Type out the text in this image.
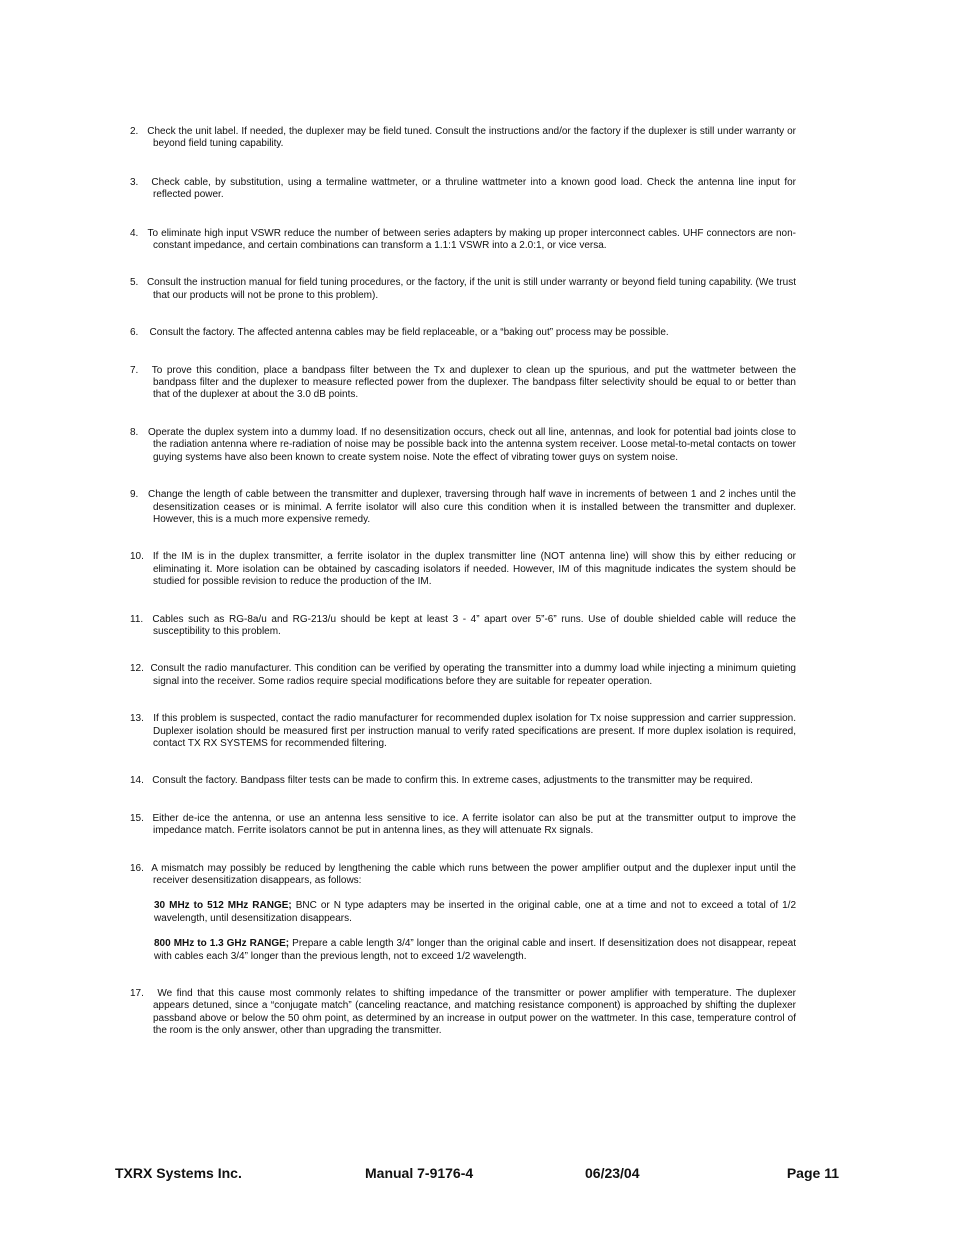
2. Check the unit label. If needed, the duplexer may be field tuned. Consult the instructions and/or the factory if the duplexer is still under warranty or beyond field tuning capability.

3. Check cable, by substitution, using a termaline wattmeter, or a thruline wattmeter into a known good load. Check the antenna line input for reflected power.

4. To eliminate high input VSWR reduce the number of between series adapters by making up proper interconnect cables. UHF connectors are non-constant impedance, and certain combinations can transform a 1.1:1 VSWR into a 2.0:1, or vice versa.

5. Consult the instruction manual for field tuning procedures, or the factory, if the unit is still under warranty or beyond field tuning capability. (We trust that our products will not be prone to this problem).

6. Consult the factory. The affected antenna cables may be field replaceable, or a “baking out” process may be possible.

7. To prove this condition, place a bandpass filter between the Tx and duplexer to clean up the spurious, and put the wattmeter between the bandpass filter and the duplexer to measure reflected power from the duplexer. The bandpass filter selectivity should be equal to or better than that of the duplexer at about the 3.0 dB points.

8. Operate the duplex system into a dummy load. If no desensitization occurs, check out all line, antennas, and look for potential bad joints close to the radiation antenna where re-radiation of noise may be possible back into the antenna system receiver. Loose metal-to-metal contacts on tower guying systems have also been known to create system noise. Note the effect of vibrating tower guys on system noise.

9. Change the length of cable between the transmitter and duplexer, traversing through half wave in increments of between 1 and 2 inches until the desensitization ceases or is minimal. A ferrite isolator will also cure this condition when it is installed between the transmitter and duplexer. However, this is a much more expensive remedy.

10. If the IM is in the duplex transmitter, a ferrite isolator in the duplex transmitter line (NOT antenna line) will show this by either reducing or eliminating it. More isolation can be obtained by cascading isolators if needed. However, IM of this magnitude indicates the system should be studied for possible revision to reduce the production of the IM.

11. Cables such as RG-8a/u and RG-213/u should be kept at least 3 - 4” apart over 5”-6” runs. Use of double shielded cable will reduce the susceptibility to this problem.

12. Consult the radio manufacturer. This condition can be verified by operating the transmitter into a dummy load while injecting a minimum quieting signal into the receiver. Some radios require special modifications before they are suitable for repeater operation.

13. If this problem is suspected, contact the radio manufacturer for recommended duplex isolation for Tx noise suppression and carrier suppression. Duplexer isolation should be measured first per instruction manual to verify rated specifications are present. If more duplex isolation is required, contact TX RX SYSTEMS for recommended filtering.

14. Consult the factory. Bandpass filter tests can be made to confirm this. In extreme cases, adjustments to the transmitter may be required.

15. Either de-ice the antenna, or use an antenna less sensitive to ice. A ferrite isolator can also be put at the transmitter output to improve the impedance match. Ferrite isolators cannot be put in antenna lines, as they will attenuate Rx signals.

16. A mismatch may possibly be reduced by lengthening the cable which runs between the power amplifier output and the duplexer input until the receiver desensitization disappears, as follows:

30 MHz to 512 MHz RANGE; BNC or N type adapters may be inserted in the original cable, one at a time and not to exceed a total of 1/2 wavelength, until desensitization disappears.

800 MHz to 1.3 GHz RANGE; Prepare a cable length 3/4” longer than the original cable and insert. If desensitization does not disappear, repeat with cables each 3/4” longer than the previous length, not to exceed 1/2 wavelength.

17. We find that this cause most commonly relates to shifting impedance of the transmitter or power amplifier with temperature. The duplexer appears detuned, since a “conjugate match” (canceling reactance, and matching resistance component) is approached by shifting the duplexer passband above or below the 50 ohm point, as determined by an increase in output power on the wattmeter. In this case, temperature control of the room is the only answer, other than upgrading the transmitter.

TXRX Systems Inc.	Manual 7-9176-4	06/23/04	Page 11
